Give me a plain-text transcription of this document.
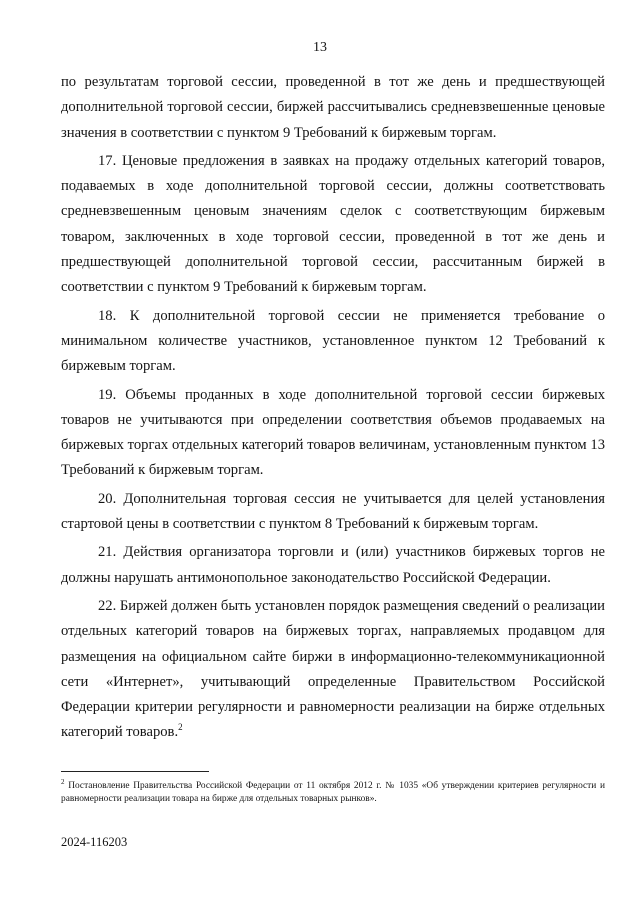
13

по результатам торговой сессии, проведенной в тот же день и предшествующей дополнительной торговой сессии, биржей рассчитывались средневзвешенные ценовые значения в соответствии с пунктом 9 Требований к биржевым торгам.

17. Ценовые предложения в заявках на продажу отдельных категорий товаров, подаваемых в ходе дополнительной торговой сессии, должны соответствовать средневзвешенным ценовым значениям сделок с соответствующим биржевым товаром, заключенных в ходе торговой сессии, проведенной в тот же день и предшествующей дополнительной торговой сессии, рассчитанным биржей в соответствии с пунктом 9 Требований к биржевым торгам.

18. К дополнительной торговой сессии не применяется требование о минимальном количестве участников, установленное пунктом 12 Требований к биржевым торгам.

19. Объемы проданных в ходе дополнительной торговой сессии биржевых товаров не учитываются при определении соответствия объемов продаваемых на биржевых торгах отдельных категорий товаров величинам, установленным пунктом 13 Требований к биржевым торгам.

20. Дополнительная торговая сессия не учитывается для целей установления стартовой цены в соответствии с пунктом 8 Требований к биржевым торгам.

21. Действия организатора торговли и (или) участников биржевых торгов не должны нарушать антимонопольное законодательство Российской Федерации.

22. Биржей должен быть установлен порядок размещения сведений о реализации отдельных категорий товаров на биржевых торгах, направляемых продавцом для размещения на официальном сайте биржи в информационно-телекоммуникационной сети «Интернет», учитывающий определенные Правительством Российской Федерации критерии регулярности и равномерности реализации на бирже отдельных категорий товаров.$^2$

$^2$ Постановление Правительства Российской Федерации от 11 октября 2012 г. № 1035 «Об утверждении критериев регулярности и равномерности реализации товара на бирже для отдельных товарных рынков».

2024-116203
